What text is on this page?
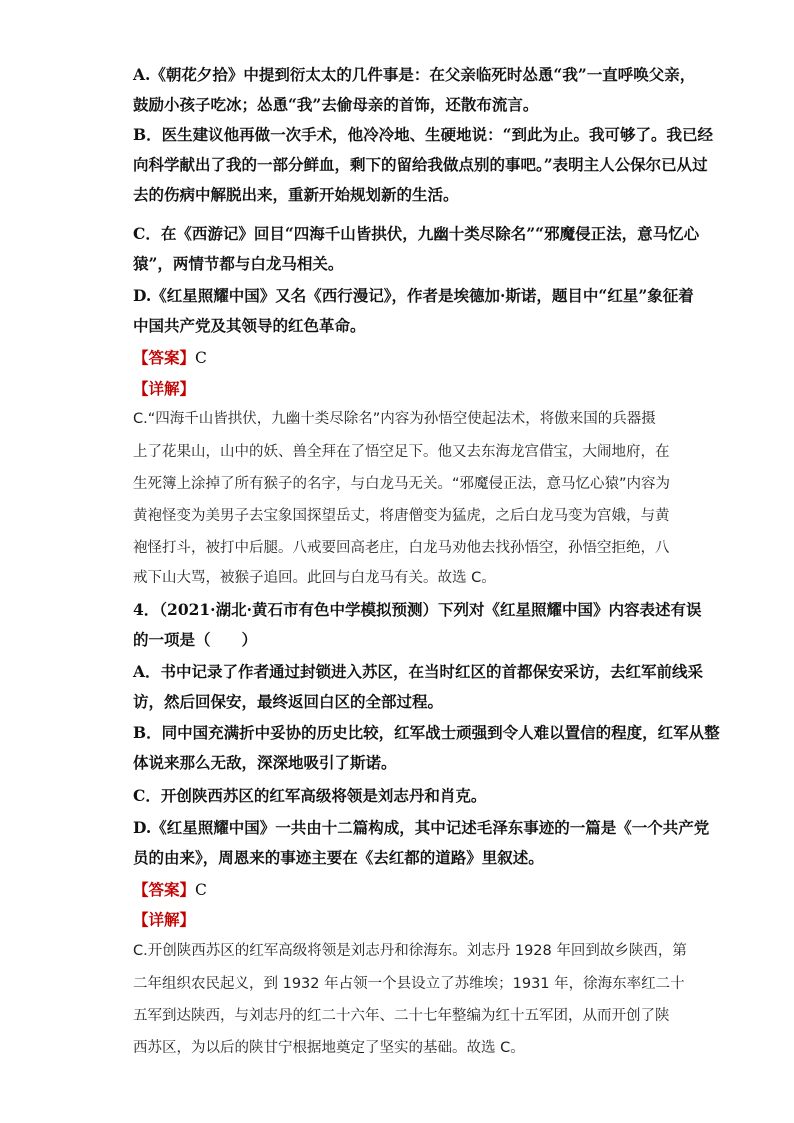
A.《朝花夕拾》中提到衍太太的几件事是：在父亲临死时怂恿“我”一直呼唤父亲，
鼓励小孩子吃冰；怂恿“我”去偷母亲的首饰，还散布流言。
B．医生建议他再做一次手术，他冷冷地、生硬地说：“到此为止。我可够了。我已经
向科学献出了我的一部分鲜血，剩下的留给我做点别的事吧。”表明主人公保尔已从过
去的伤病中解脱出来，重新开始规划新的生活。
C．在《西游记》回目“四海千山皆拱伏，九幽十类尽除名”“邪魔侵正法，意马忆心
猿”，两情节都与白龙马相关。
D.《红星照耀中国》又名《西行漫记》，作者是埃德加·斯诺，题目中“红星”象征着
中国共产党及其领导的红色革命。
【答案】C
【详解】
C.“四海千山皆拱伏，九幽十类尽除名”内容为孙悟空使起法术，将傲来国的兵器摄
上了花果山，山中的妖、兽全拜在了悟空足下。他又去东海龙宫借宝，大闹地府，在
生死簿上涂掉了所有猴子的名字，与白龙马无关。“邪魔侵正法，意马忆心猿”内容为
黄袍怪变为美男子去宝象国探望岳丈，将唐僧变为猛虎，之后白龙马变为宫娥，与黄
袍怪打斗，被打中后腿。八戒要回高老庄，白龙马劝他去找孙悟空，孙悟空拒绝，八
戒下山大骂，被猴子追回。此回与白龙马有关。故选 C。
4．（2021·湖北·黄石市有色中学模拟预测）下列对《红星照耀中国》内容表述有误
的一项是（　　）
A．书中记录了作者通过封锁进入苏区，在当时红区的首都保安采访，去红军前线采
访，然后回保安，最终返回白区的全部过程。
B．同中国充满折中妥协的历史比较，红军战士顽强到令人难以置信的程度，红军从整
体说来那么无敌，深深地吸引了斯诺。
C．开创陕西苏区的红军高级将领是刘志丹和肖克。
D.《红星照耀中国》一共由十二篇构成，其中记述毛泽东事迹的一篇是《一个共产党
员的由来》，周恩来的事迹主要在《去红都的道路》里叙述。
【答案】C
【详解】
C.开创陕西苏区的红军高级将领是刘志丹和徐海东。刘志丹 1928 年回到故乡陕西，第
二年组织农民起义，到 1932 年占领一个县设立了苏维埃；1931 年，徐海东率红二十
五军到达陕西，与刘志丹的红二十六年、二十七年整编为红十五军团，从而开创了陕
西苏区，为以后的陕甘宁根据地奠定了坚实的基础。故选 C。
